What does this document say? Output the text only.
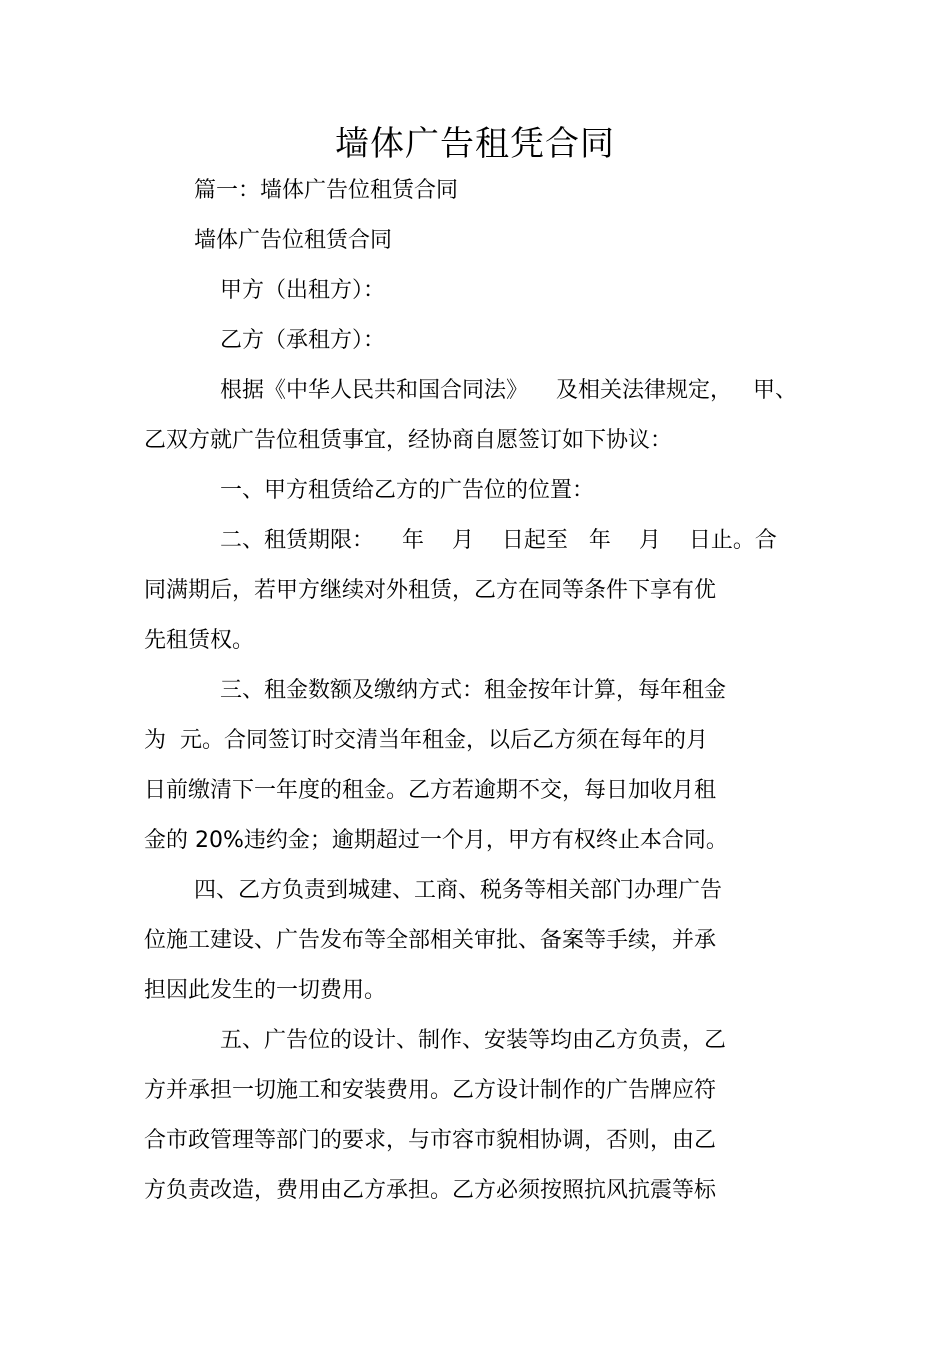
墙体广告租凭合同

篇一：墙体广告位租赁合同

墙体广告位租赁合同

甲方（出租方）：

乙方（承租方）：

根据《中华人民共和国合同法》    及相关法律规定，   甲、

乙双方就广告位租赁事宜，经协商自愿签订如下协议：

一、甲方租赁给乙方的广告位的位置：

二、租赁期限：    年    月    日起至   年    月    日止。合

同满期后，若甲方继续对外租赁，乙方在同等条件下享有优

先租赁权。

三、租金数额及缴纳方式：租金按年计算，每年租金

为  元。合同签订时交清当年租金，以后乙方须在每年的月

日前缴清下一年度的租金。乙方若逾期不交，每日加收月租

金的 20%违约金；逾期超过一个月，甲方有权终止本合同。

四、乙方负责到城建、工商、税务等相关部门办理广告

位施工建设、广告发布等全部相关审批、备案等手续，并承

担因此发生的一切费用。

五、广告位的设计、制作、安装等均由乙方负责，乙

方并承担一切施工和安装费用。乙方设计制作的广告牌应符

合市政管理等部门的要求，与市容市貌相协调，否则，由乙

方负责改造，费用由乙方承担。乙方必须按照抗风抗震等标
